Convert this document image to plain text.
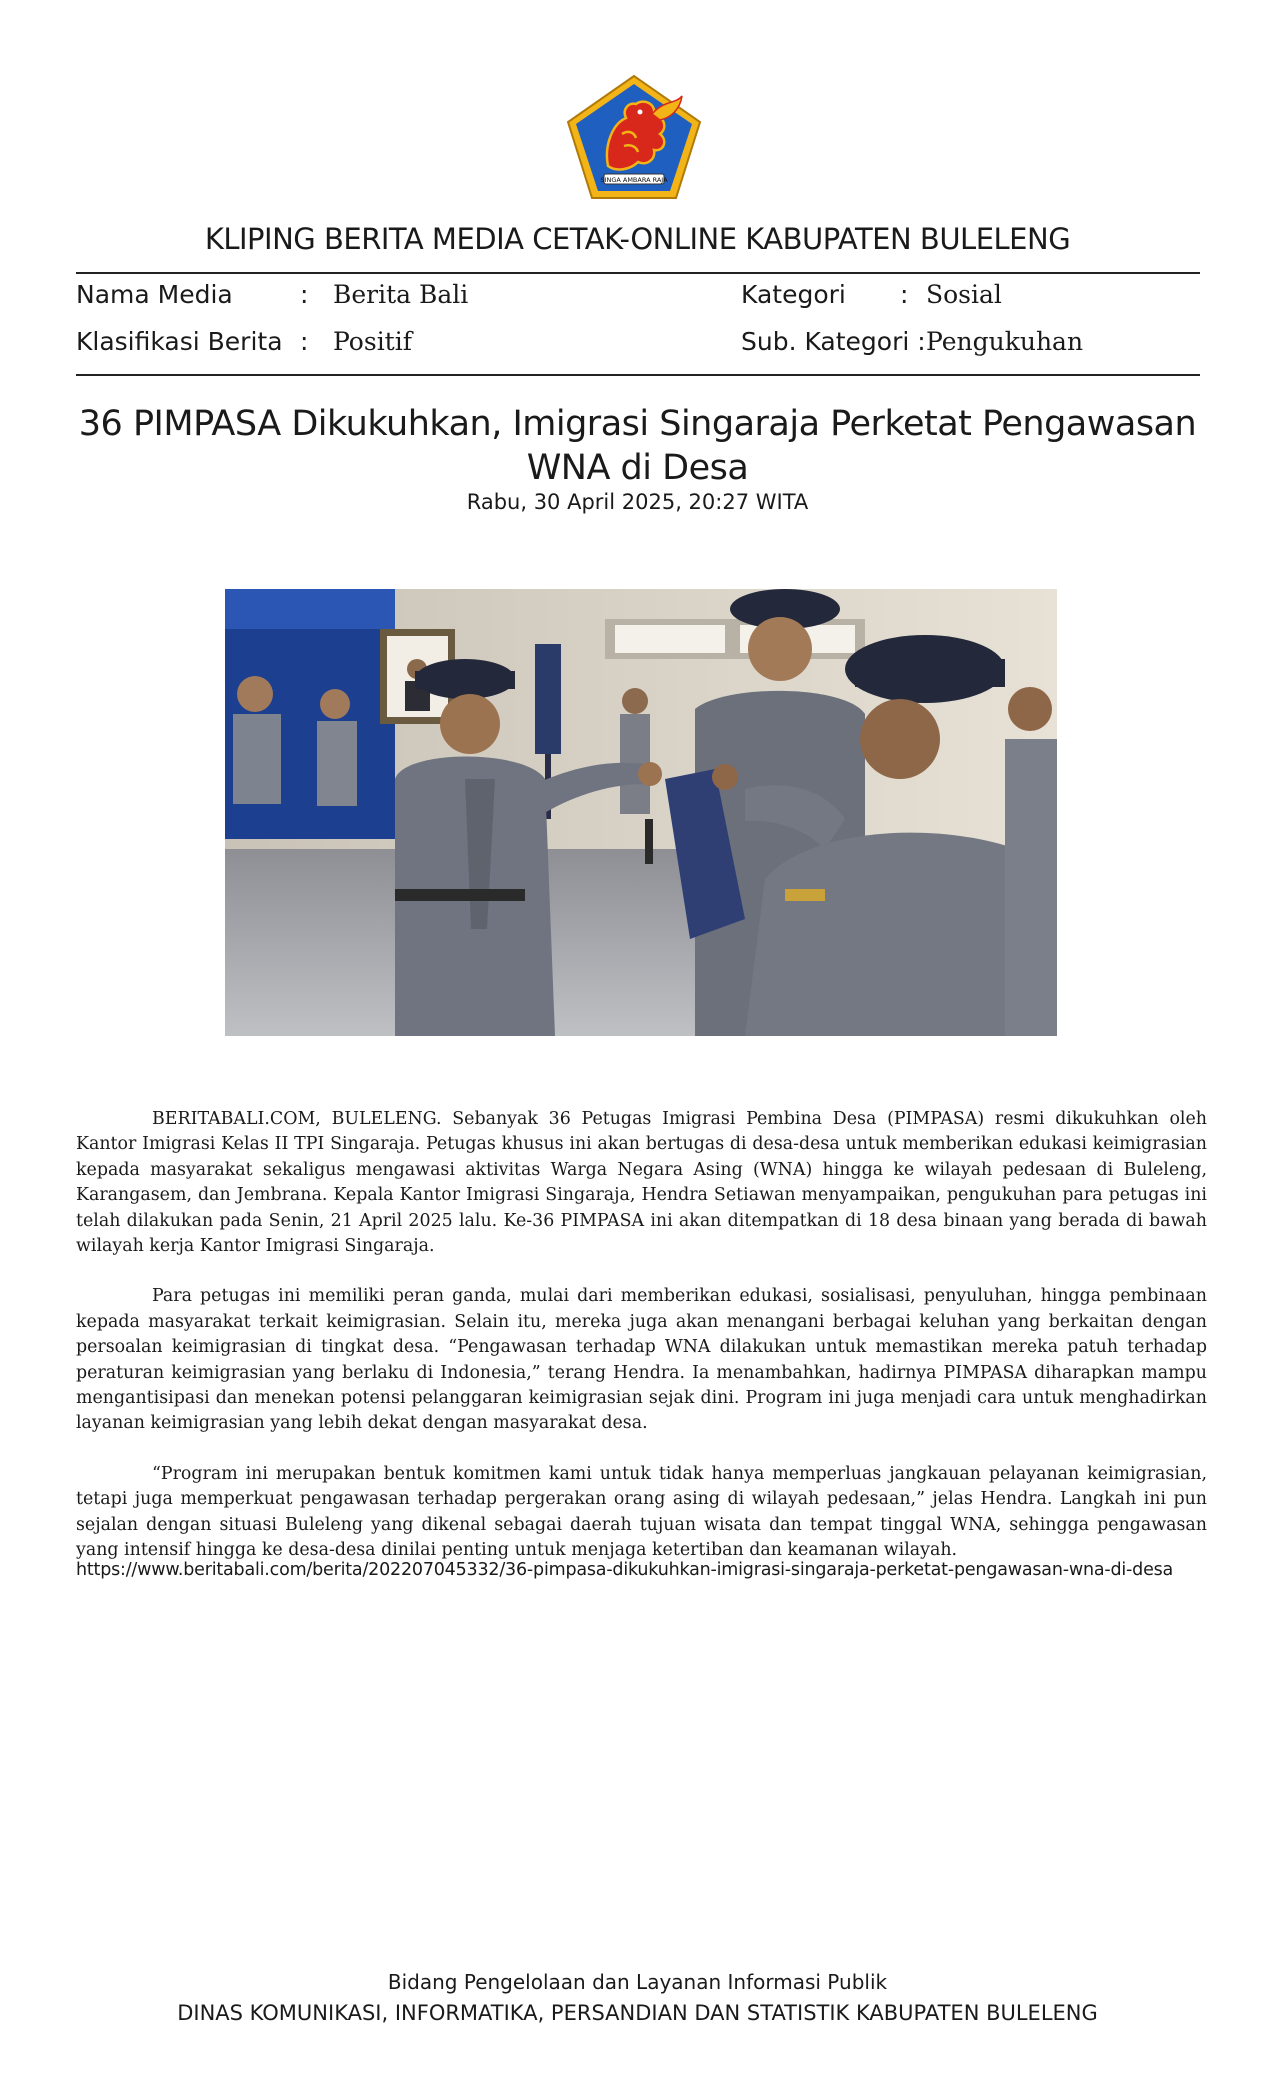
SINGA AMBARA RAJA
KLIPING BERITA MEDIA CETAK-ONLINE KABUPATEN BULELENG
Nama Media	: Berita Bali	Kategori : Sosial
Klasifikasi Berita : Positif	Sub. Kategori : Pengukuhan
36 PIMPASA Dikukuhkan, Imigrasi Singaraja Perketat Pengawasan WNA di Desa
Rabu, 30 April 2025, 20:27 WITA

BERITABALI.COM, BULELENG. Sebanyak 36 Petugas Imigrasi Pembina Desa (PIMPASA) resmi dikukuhkan oleh Kantor Imigrasi Kelas II TPI Singaraja. Petugas khusus ini akan bertugas di desa-desa untuk memberikan edukasi keimigrasian kepada masyarakat sekaligus mengawasi aktivitas Warga Negara Asing (WNA) hingga ke wilayah pedesaan di Buleleng, Karangasem, dan Jembrana. Kepala Kantor Imigrasi Singaraja, Hendra Setiawan menyampaikan, pengukuhan para petugas ini telah dilakukan pada Senin, 21 April 2025 lalu. Ke-36 PIMPASA ini akan ditempatkan di 18 desa binaan yang berada di bawah wilayah kerja Kantor Imigrasi Singaraja.

Para petugas ini memiliki peran ganda, mulai dari memberikan edukasi, sosialisasi, penyuluhan, hingga pembinaan kepada masyarakat terkait keimigrasian. Selain itu, mereka juga akan menangani berbagai keluhan yang berkaitan dengan persoalan keimigrasian di tingkat desa. “Pengawasan terhadap WNA dilakukan untuk memastikan mereka patuh terhadap peraturan keimigrasian yang berlaku di Indonesia,” terang Hendra. Ia menambahkan, hadirnya PIMPASA diharapkan mampu mengantisipasi dan menekan potensi pelanggaran keimigrasian sejak dini. Program ini juga menjadi cara untuk menghadirkan layanan keimigrasian yang lebih dekat dengan masyarakat desa.

“Program ini merupakan bentuk komitmen kami untuk tidak hanya memperluas jangkauan pelayanan keimigrasian, tetapi juga memperkuat pengawasan terhadap pergerakan orang asing di wilayah pedesaan,” jelas Hendra. Langkah ini pun sejalan dengan situasi Buleleng yang dikenal sebagai daerah tujuan wisata dan tempat tinggal WNA, sehingga pengawasan yang intensif hingga ke desa-desa dinilai penting untuk menjaga ketertiban dan keamanan wilayah.

https://www.beritabali.com/berita/202207045332/36-pimpasa-dikukuhkan-imigrasi-singaraja-perketat-pengawasan-wna-di-desa
Bidang Pengelolaan dan Layanan Informasi Publik
DINAS KOMUNIKASI, INFORMATIKA, PERSANDIAN DAN STATISTIK KABUPATEN BULELENG
